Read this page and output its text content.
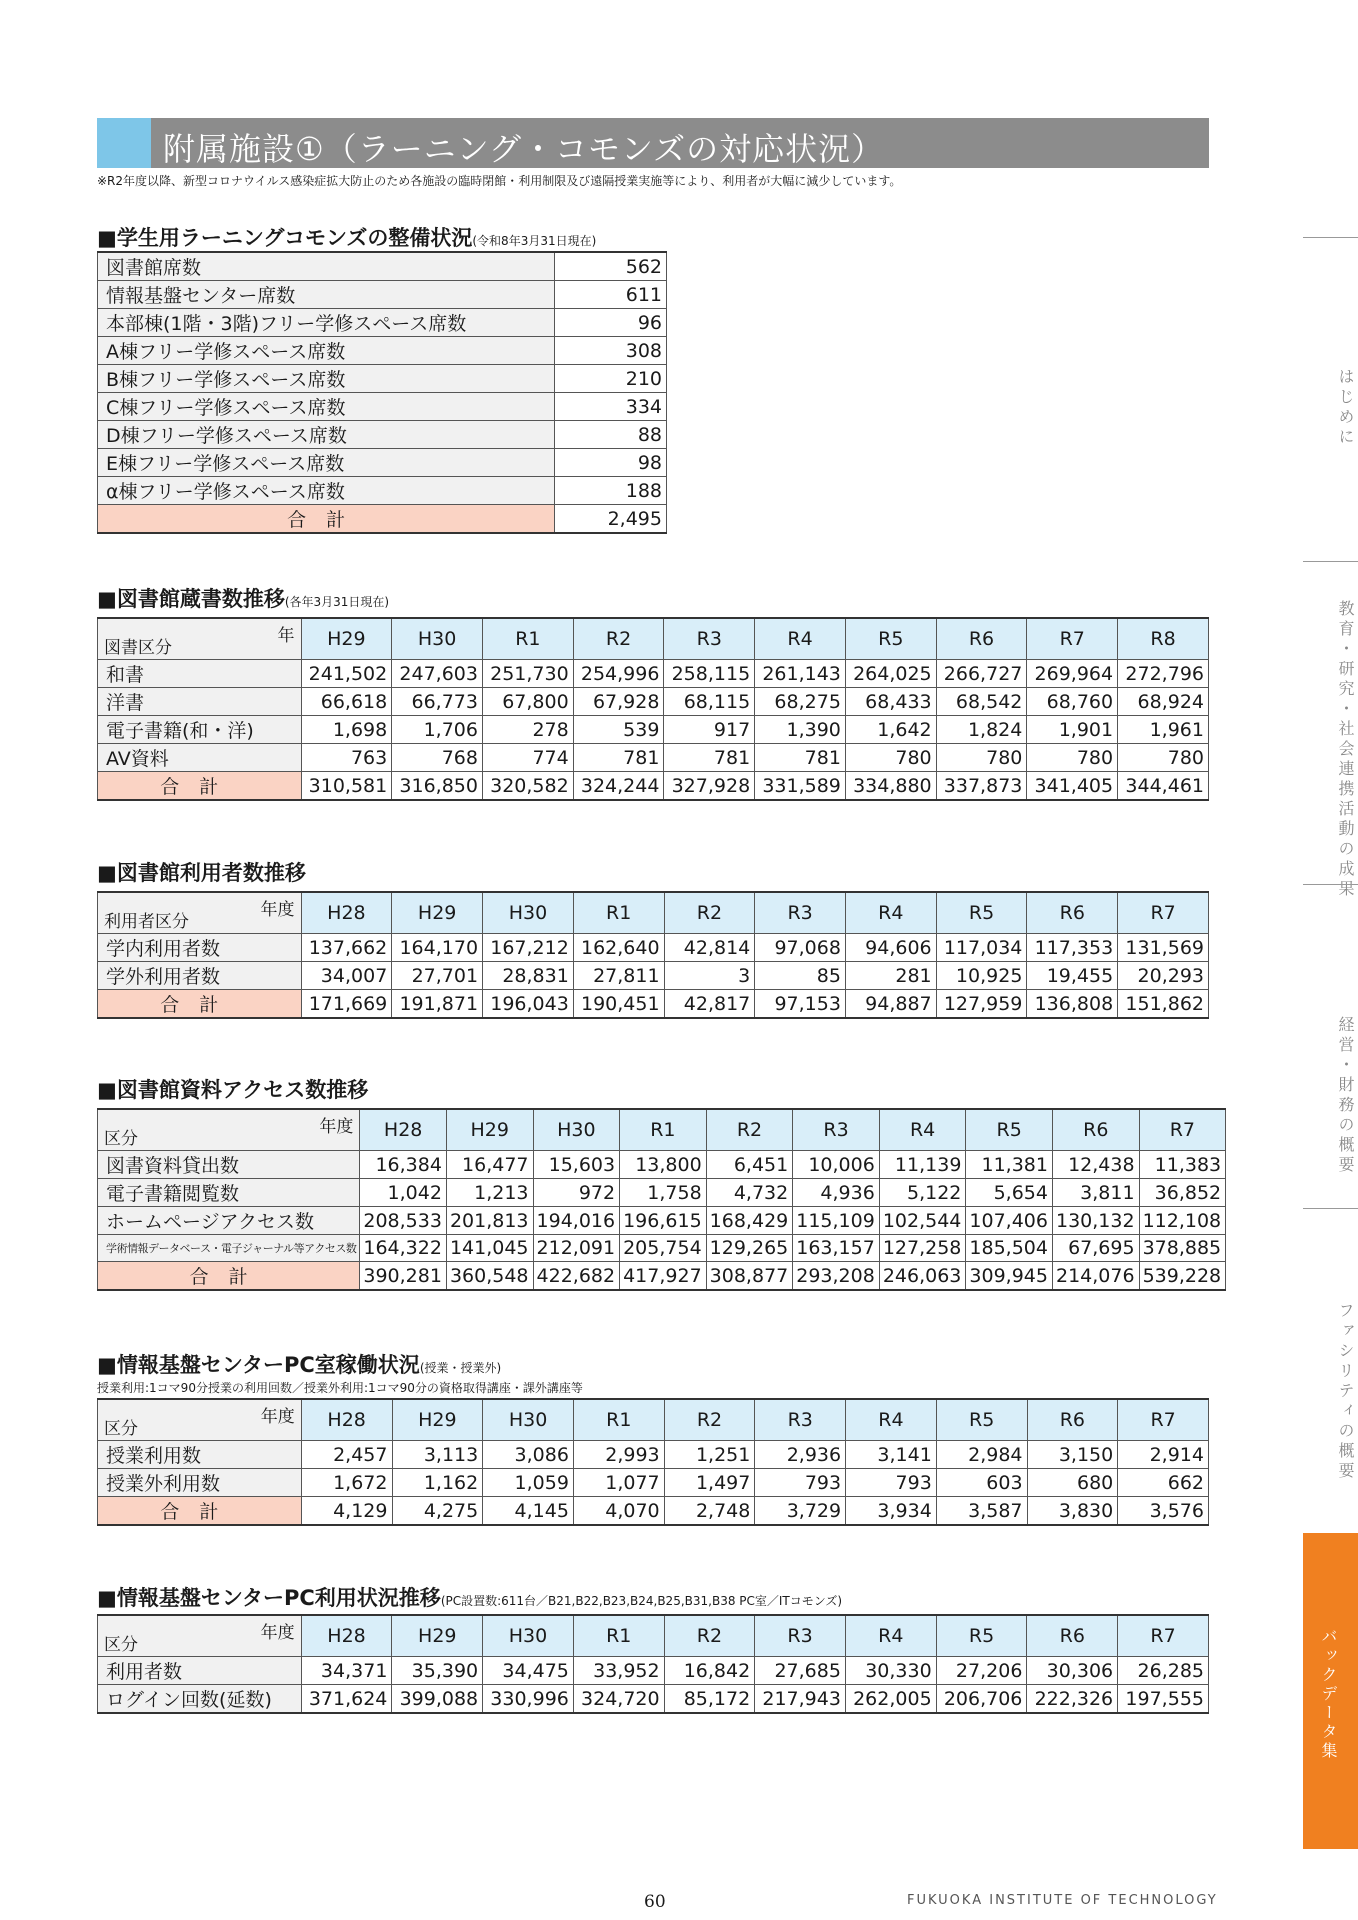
附属施設①（ラーニング・コモンズの対応状況）
※R2年度以降、新型コロナウイルス感染症拡大防止のため各施設の臨時閉館・利用制限及び遠隔授業実施等により、利用者が大幅に減少しています。
■学生用ラーニングコモンズの整備状況(令和8年3月31日現在)
図書館席数	562
情報基盤センター席数	611
本部棟(1階・3階)フリー学修スペース席数	96
A棟フリー学修スペース席数	308
B棟フリー学修スペース席数	210
C棟フリー学修スペース席数	334
D棟フリー学修スペース席数	88
E棟フリー学修スペース席数	98
α棟フリー学修スペース席数	188
合計	2,495
■図書館蔵書数推移(各年3月31日現在)
年
図書区分	H29	H30	R1	R2	R3	R4	R5	R6	R7	R8
和書	241,502	247,603	251,730	254,996	258,115	261,143	264,025	266,727	269,964	272,796
洋書	66,618	66,773	67,800	67,928	68,115	68,275	68,433	68,542	68,760	68,924
電子書籍(和・洋)	1,698	1,706	278	539	917	1,390	1,642	1,824	1,901	1,961
AV資料	763	768	774	781	781	781	780	780	780	780
合計	310,581	316,850	320,582	324,244	327,928	331,589	334,880	337,873	341,405	344,461
■図書館利用者数推移
年度
利用者区分	H28	H29	H30	R1	R2	R3	R4	R5	R6	R7
学内利用者数	137,662	164,170	167,212	162,640	42,814	97,068	94,606	117,034	117,353	131,569
学外利用者数	34,007	27,701	28,831	27,811	3	85	281	10,925	19,455	20,293
合計	171,669	191,871	196,043	190,451	42,817	97,153	94,887	127,959	136,808	151,862
■図書館資料アクセス数推移
年度
区分	H28	H29	H30	R1	R2	R3	R4	R5	R6	R7
図書資料貸出数	16,384	16,477	15,603	13,800	6,451	10,006	11,139	11,381	12,438	11,383
電子書籍閲覧数	1,042	1,213	972	1,758	4,732	4,936	5,122	5,654	3,811	36,852
ホームページアクセス数	208,533	201,813	194,016	196,615	168,429	115,109	102,544	107,406	130,132	112,108
学術情報データベース・電子ジャーナル等アクセス数	164,322	141,045	212,091	205,754	129,265	163,157	127,258	185,504	67,695	378,885
合計	390,281	360,548	422,682	417,927	308,877	293,208	246,063	309,945	214,076	539,228
■情報基盤センターPC室稼働状況(授業・授業外)
授業利用:1コマ90分授業の利用回数／授業外利用:1コマ90分の資格取得講座・課外講座等
年度
区分	H28	H29	H30	R1	R2	R3	R4	R5	R6	R7
授業利用数	2,457	3,113	3,086	2,993	1,251	2,936	3,141	2,984	3,150	2,914
授業外利用数	1,672	1,162	1,059	1,077	1,497	793	793	603	680	662
合計	4,129	4,275	4,145	4,070	2,748	3,729	3,934	3,587	3,830	3,576
■情報基盤センターPC利用状況推移(PC設置数:611台／B21,B22,B23,B24,B25,B31,B38 PC室／ITコモンズ)
年度
区分	H28	H29	H30	R1	R2	R3	R4	R5	R6	R7
利用者数	34,371	35,390	34,475	33,952	16,842	27,685	30,330	27,206	30,306	26,285
ログイン回数(延数)	371,624	399,088	330,996	324,720	85,172	217,943	262,005	206,706	222,326	197,555
はじめに
教育・研究・社会連携活動の成果
経営・財務の概要
ファシリティの概要
バックデータ集
60	FUKUOKA INSTITUTE OF TECHNOLOGY
